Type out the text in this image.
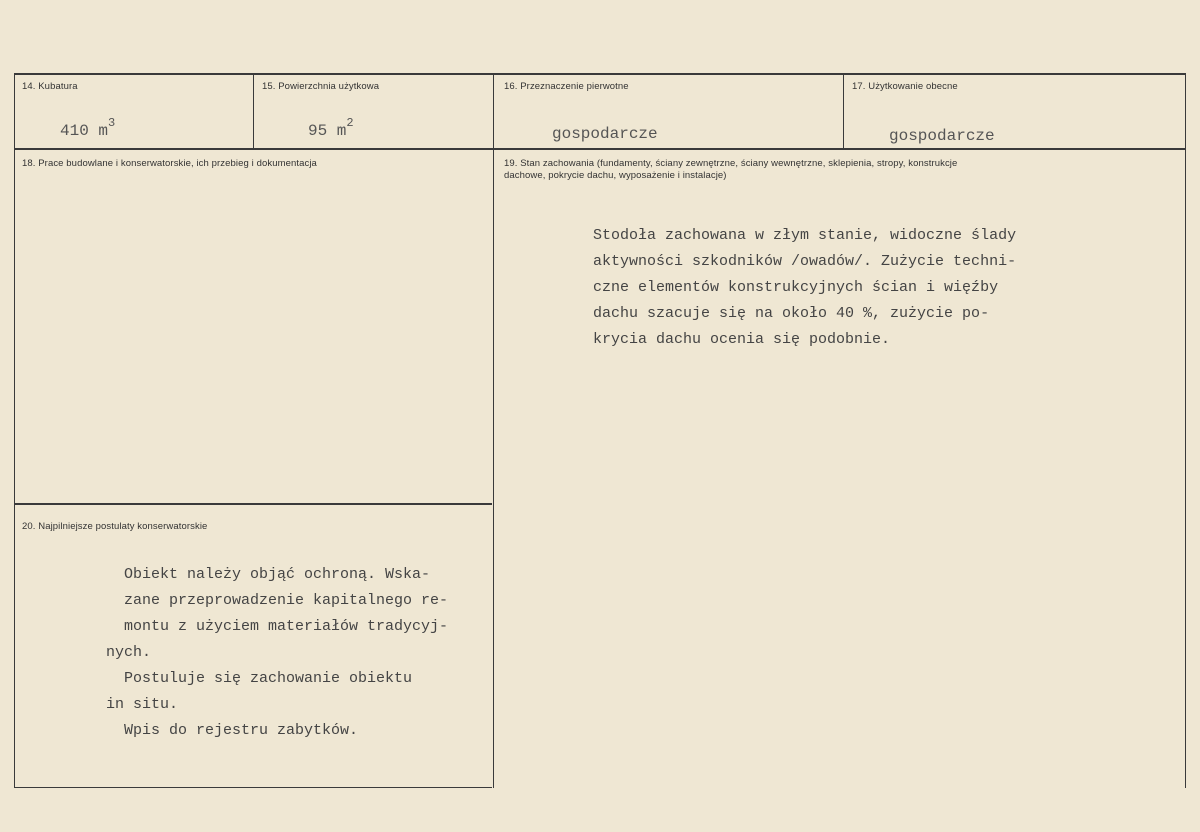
14. Kubatura
410 $m^3$
15. Powierzchnia użytkowa
95 $m^2$
16. Przeznaczenie pierwotne
gospodarcze
17. Użytkowanie obecne
gospodarcze
18. Prace budowlane i konserwatorskie, ich przebieg i dokumentacja	19. Stan zachowania (fundamenty, ściany zewnętrzne, ściany wewnętrzne, sklepienia, stropy, konstrukcje dachowe, pokrycie dachu, wyposażenie i instalacje)
Stodoła zachowana w złym stanie, widoczne ślady
aktywności szkodników /owadów/. Zużycie techni-
czne elementów konstrukcyjnych ścian i więźby
dachu szacuje się na około 40 %, zużycie po-
krycia dachu ocenia się podobnie.
20. Najpilniejsze postulaty konserwatorskie
Obiekt należy objąć ochroną. Wska-
zane przeprowadzenie kapitalnego re-
montu z użyciem materiałów tradycyj-
nych.
Postuluje się zachowanie obiektu
in situ.
Wpis do rejestru zabytków.
